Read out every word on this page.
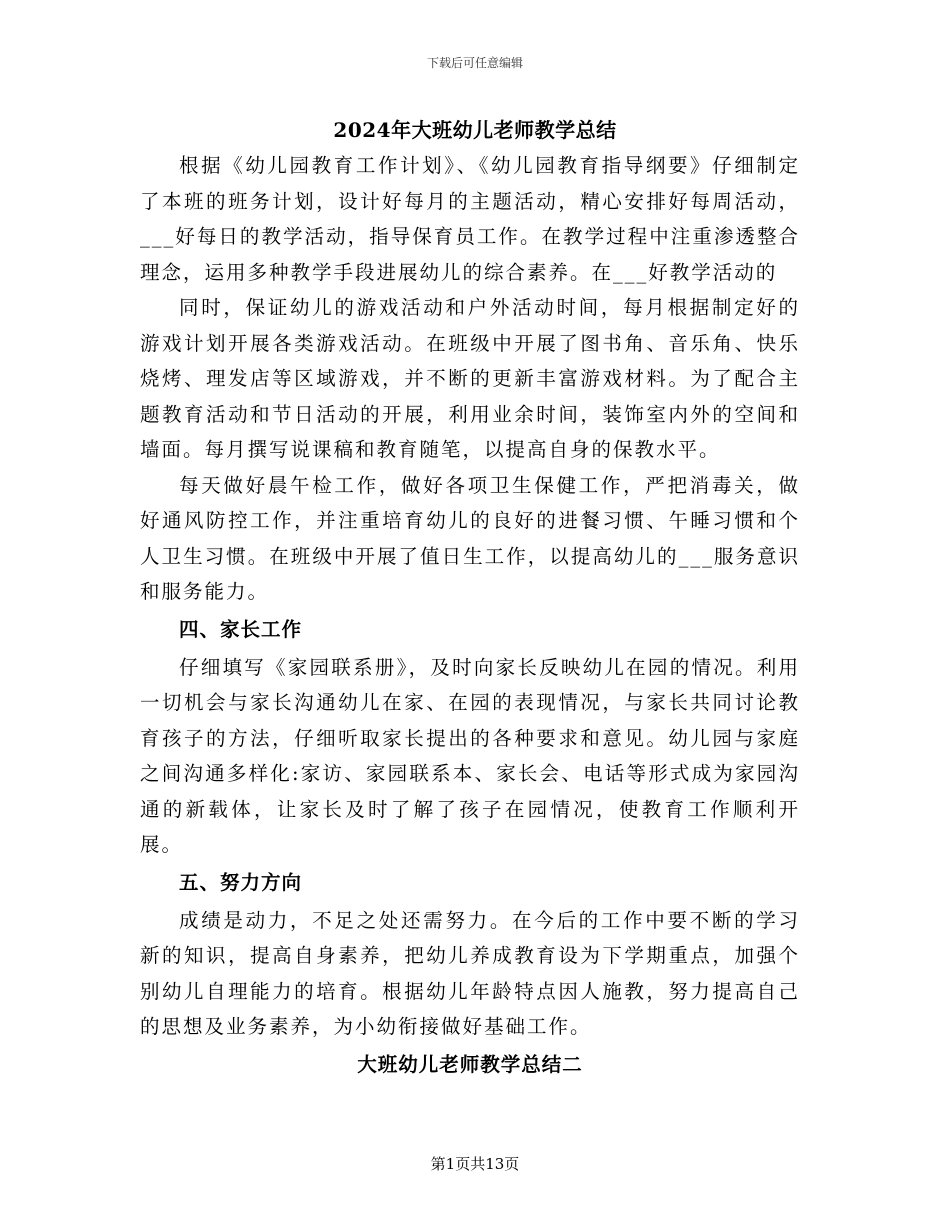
下载后可任意编辑
2024年大班幼儿老师教学总结

根据《幼儿园教育工作计划》、《幼儿园教育指导纲要》仔细制定了本班的班务计划，设计好每月的主题活动，精心安排好每周活动，___好每日的教学活动，指导保育员工作。在教学过程中注重渗透整合理念，运用多种教学手段进展幼儿的综合素养。在___好教学活动的

同时，保证幼儿的游戏活动和户外活动时间，每月根据制定好的游戏计划开展各类游戏活动。在班级中开展了图书角、音乐角、快乐烧烤、理发店等区域游戏，并不断的更新丰富游戏材料。为了配合主题教育活动和节日活动的开展，利用业余时间，装饰室内外的空间和墙面。每月撰写说课稿和教育随笔，以提高自身的保教水平。

每天做好晨午检工作，做好各项卫生保健工作，严把消毒关，做好通风防控工作，并注重培育幼儿的良好的进餐习惯、午睡习惯和个人卫生习惯。在班级中开展了值日生工作，以提高幼儿的___服务意识和服务能力。

四、家长工作

仔细填写《家园联系册》，及时向家长反映幼儿在园的情况。利用一切机会与家长沟通幼儿在家、在园的表现情况，与家长共同讨论教育孩子的方法，仔细听取家长提出的各种要求和意见。幼儿园与家庭之间沟通多样化:家访、家园联系本、家长会、电话等形式成为家园沟通的新载体，让家长及时了解了孩子在园情况，使教育工作顺利开展。

五、努力方向

成绩是动力，不足之处还需努力。在今后的工作中要不断的学习新的知识，提高自身素养，把幼儿养成教育设为下学期重点，加强个别幼儿自理能力的培育。根据幼儿年龄特点因人施教，努力提高自己的思想及业务素养，为小幼衔接做好基础工作。

大班幼儿老师教学总结二

第1页共13页
